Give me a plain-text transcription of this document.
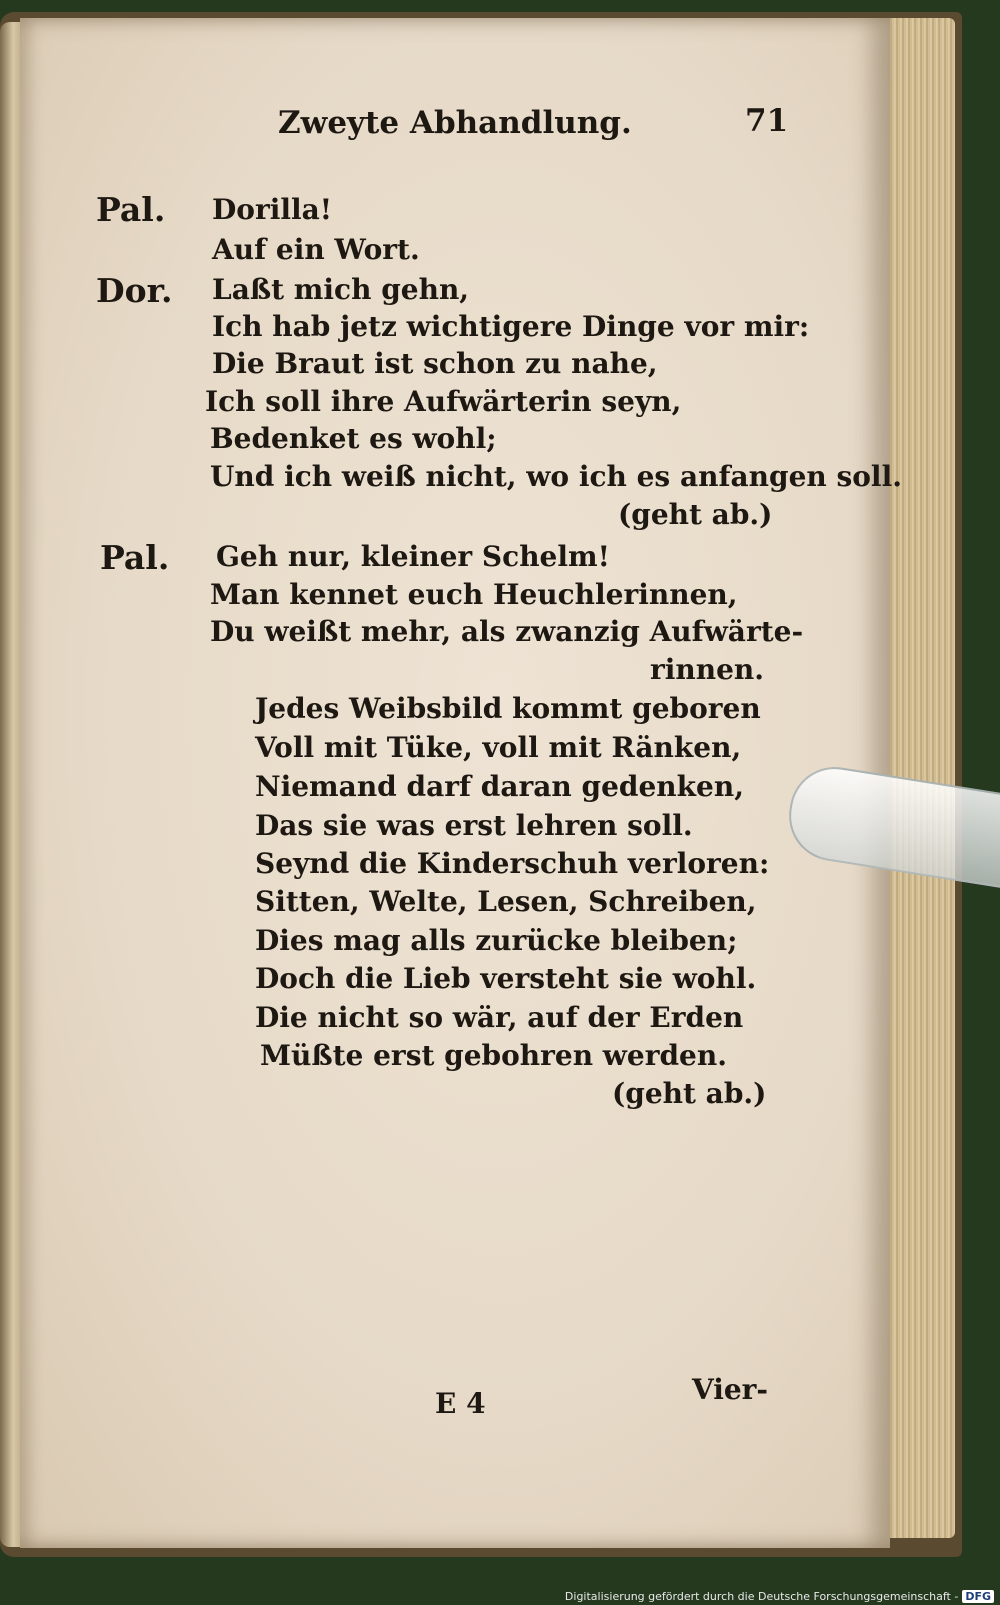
Zweyte Abhandlung.	71
Pal. Dorilla!
Auf ein Wort.
Dor. Laßt mich gehn,
Ich hab jetz wichtigere Dinge vor mir:
Die Braut ist schon zu nahe,
Ich soll ihre Aufwärterin seyn,
Bedenket es wohl;
Und ich weiß nicht, wo ich es anfangen soll.
(geht ab.)
Pal. Geh nur, kleiner Schelm!
Man kennet euch Heuchlerinnen,
Du weißt mehr, als zwanzig Aufwärte-
rinnen.
Jedes Weibsbild kommt geboren
Voll mit Tüke, voll mit Ränken,
Niemand darf daran gedenken,
Das sie was erst lehren soll.
Seynd die Kinderschuh verloren:
Sitten, Welte, Lesen, Schreiben,
Dies mag alls zurücke bleiben;
Doch die Lieb versteht sie wohl.
Die nicht so wär, auf der Erden
Müßte erst gebohren werden.
(geht ab.)
E 4	Vier-
Digitalisierung gefördert durch die Deutsche Forschungsgemeinschaft - DFG
